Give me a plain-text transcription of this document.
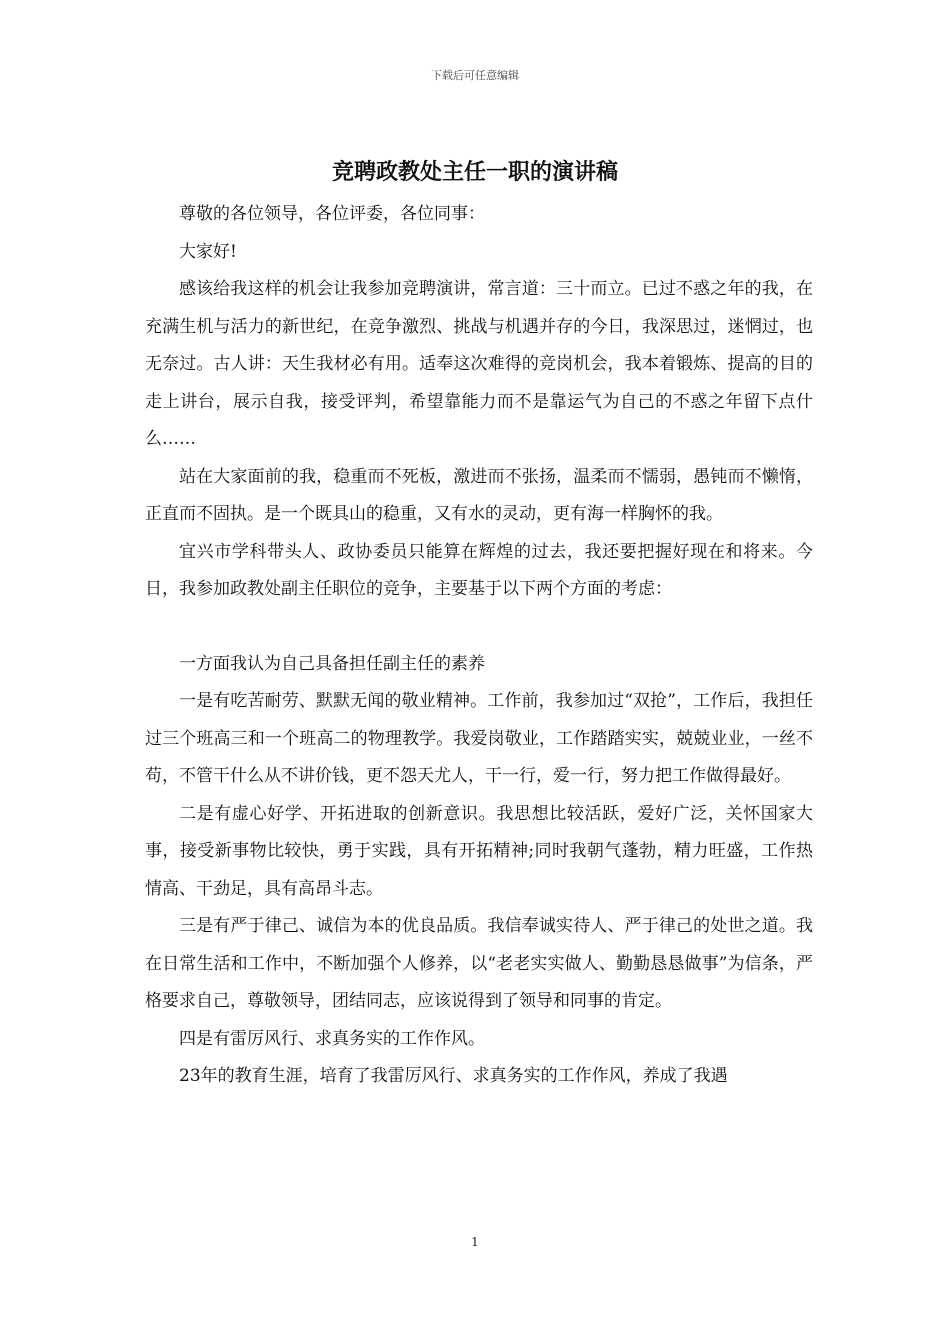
下载后可任意编辑
竞聘政教处主任一职的演讲稿

尊敬的各位领导，各位评委，各位同事：

大家好!

感该给我这样的机会让我参加竞聘演讲，常言道：三十而立。已过不惑之年的我，在充满生机与活力的新世纪，在竞争激烈、挑战与机遇并存的今日，我深思过，迷惘过，也无奈过。古人讲：天生我材必有用。适奉这次难得的竞岗机会，我本着锻炼、提高的目的走上讲台，展示自我，接受评判，希望靠能力而不是靠运气为自己的不惑之年留下点什么……

站在大家面前的我，稳重而不死板，激进而不张扬，温柔而不懦弱，愚钝而不懒惰，正直而不固执。是一个既具山的稳重，又有水的灵动，更有海一样胸怀的我。

宜兴市学科带头人、政协委员只能算在辉煌的过去，我还要把握好现在和将来。今日，我参加政教处副主任职位的竞争，主要基于以下两个方面的考虑：

一方面我认为自己具备担任副主任的素养

一是有吃苦耐劳、默默无闻的敬业精神。工作前，我参加过“双抢”，工作后，我担任过三个班高三和一个班高二的物理教学。我爱岗敬业，工作踏踏实实，兢兢业业，一丝不苟，不管干什么从不讲价钱，更不怨天尤人，干一行，爱一行，努力把工作做得最好。

二是有虚心好学、开拓进取的创新意识。我思想比较活跃，爱好广泛，关怀国家大事，接受新事物比较快，勇于实践，具有开拓精神;同时我朝气蓬勃，精力旺盛，工作热情高、干劲足，具有高昂斗志。

三是有严于律己、诚信为本的优良品质。我信奉诚实待人、严于律己的处世之道。我在日常生活和工作中，不断加强个人修养，以“老老实实做人、勤勤恳恳做事”为信条，严格要求自己，尊敬领导，团结同志，应该说得到了领导和同事的肯定。

四是有雷厉风行、求真务实的工作作风。

23年的教育生涯，培育了我雷厉风行、求真务实的工作作风，养成了我遇

1
